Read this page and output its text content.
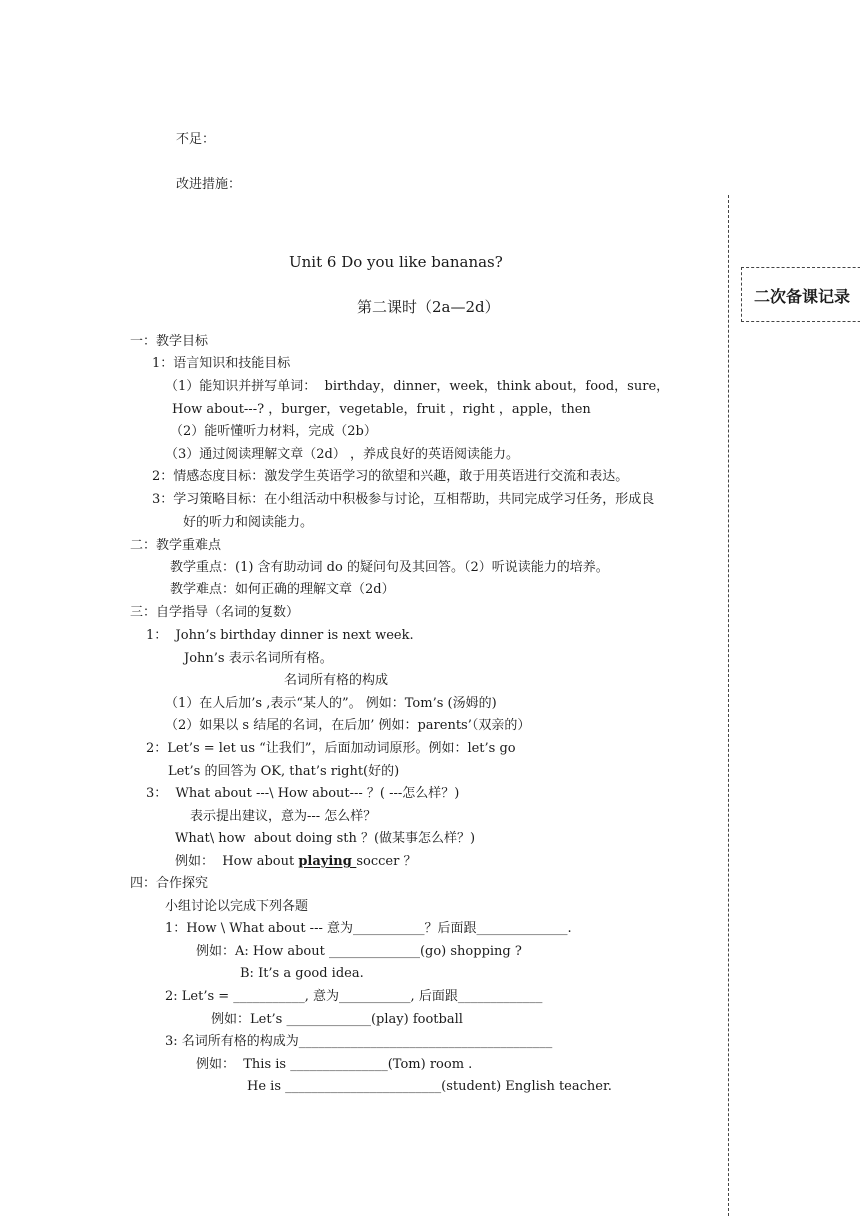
不足：
改进措施：
二次备课记录
Unit 6 Do you like bananas?
第二课时（2a—2d）
一：教学目标
1：语言知识和技能目标
（1）能知识并拼写单词：  birthday，dinner，week，think about，food，sure，
How about---? ，burger，vegetable，fruit ，right ，apple，then
（2）能听懂听力材料，完成（2b）
（3）通过阅读理解文章（2d） ，养成良好的英语阅读能力。
2：情感态度目标：激发学生英语学习的欲望和兴趣，敢于用英语进行交流和表达。
3：学习策略目标：在小组活动中积极参与讨论，互相帮助，共同完成学习任务，形成良
好的听力和阅读能力。
二：教学重难点
教学重点：(1) 含有助动词 do 的疑问句及其回答。（2）听说读能力的培养。
教学难点：如何正确的理解文章（2d）
三：自学指导（名词的复数）
1：  John’s birthday dinner is next week.
John’s 表示名词所有格。
名词所有格的构成
（1）在人后加’s ,表示“某人的”。 例如：Tom’s (汤姆的)
（2）如果以 s 结尾的名词，在后加’ 例如：parents’（双亲的）
2：Let’s = let us “让我们”，后面加动词原形。例如：let’s go
Let’s 的回答为 OK, that’s right(好的)
3：  What about ---\ How about--- ？( ---怎么样？)
表示提出建议，意为--- 怎么样？
What\ how  about doing sth ？(做某事怎么样？)
例如：  How about playing soccer ？
四：合作探究
小组讨论以完成下列各题
1：How \ What about --- 意为___________？后面跟______________.
例如：A: How about ______________(go) shopping ?
B: It’s a good idea.
2: Let’s = ___________, 意为___________, 后面跟_____________
例如：Let’s _____________(play) football
3: 名词所有格的构成为_______________________________________
例如：  This is _______________(Tom) room .
He is ________________________(student) English teacher.
